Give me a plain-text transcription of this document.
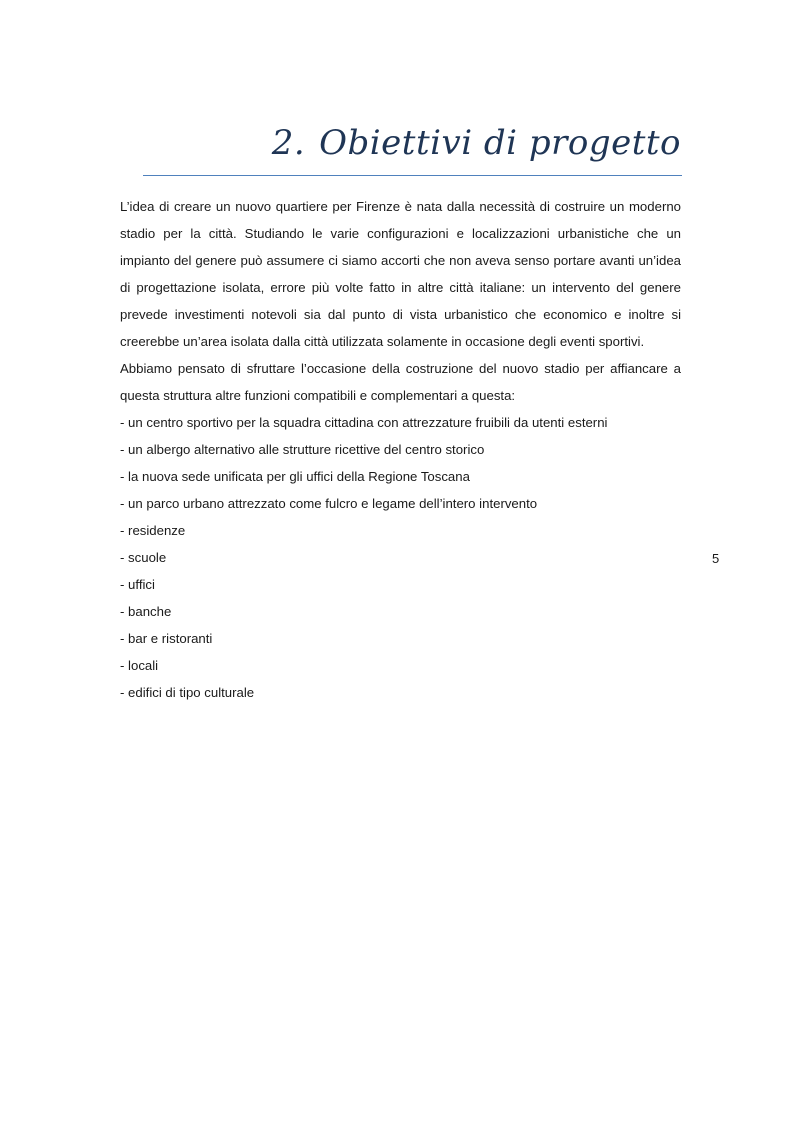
2. Obiettivi di progetto

L’idea di creare un nuovo quartiere per Firenze è nata dalla necessità di costruire un moderno stadio per la città. Studiando le varie configurazioni e localizzazioni urbanistiche che un impianto del genere può assumere ci siamo accorti che non aveva senso portare avanti un’idea di progettazione isolata, errore più volte fatto in altre città italiane: un intervento del genere prevede investimenti notevoli sia dal punto di vista urbanistico che economico e inoltre si creerebbe un’area isolata dalla città utilizzata solamente in occasione degli eventi sportivi.

Abbiamo pensato di sfruttare l’occasione della costruzione del nuovo stadio per affiancare a questa struttura altre funzioni compatibili e complementari a questa:

- un centro sportivo per la squadra cittadina con attrezzature fruibili da utenti esterni

- un albergo alternativo alle strutture ricettive del centro storico

- la nuova sede unificata per gli uffici della Regione Toscana

- un parco urbano attrezzato come fulcro e legame dell’intero intervento

- residenze

- scuole

- uffici

- banche

- bar e ristoranti

- locali

- edifici di tipo culturale

5
